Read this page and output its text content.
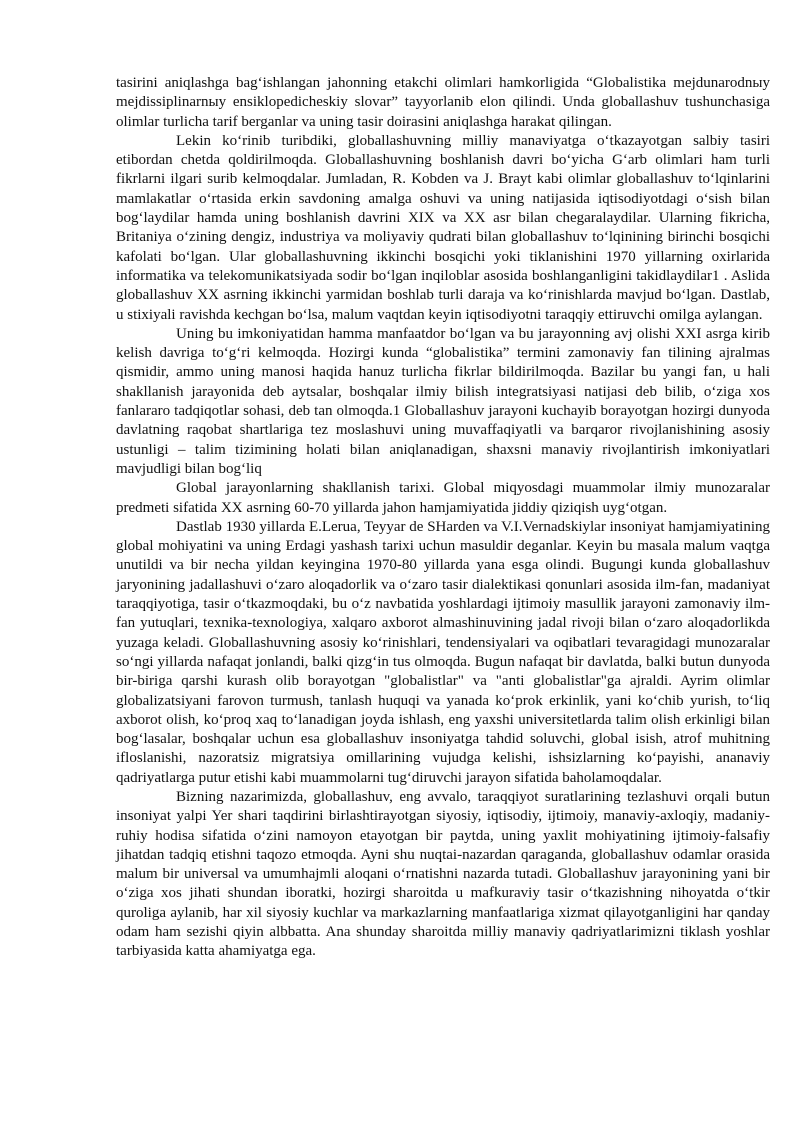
tasirini aniqlashga bagʻishlangan jahonning etakchi olimlari hamkorligida “Globalistika mejdunarodnыy mejdissiplinarnыy ensiklopedicheskiy slovar” tayyorlanib elon qilindi. Unda globallashuv tushunchasiga olimlar turlicha tarif berganlar va uning tasir doirasini aniqlashga harakat qilingan.

Lekin koʻrinib turibdiki, globallashuvning milliy manaviyatga oʻtkazayotgan salbiy tasiri etibordan chetda qoldirilmoqda. Globallashuvning boshlanish davri boʻyicha Gʻarb olimlari ham turli fikrlarni ilgari surib kelmoqdalar. Jumladan, R. Kobden va J. Brayt kabi olimlar globallashuv toʻlqinlarini mamlakatlar oʻrtasida erkin savdoning amalga oshuvi va uning natijasida iqtisodiyotdagi oʻsish bilan bogʻlaydilar hamda uning boshlanish davrini XIX va XX asr bilan chegaralaydilar. Ularning fikricha, Britaniya oʻzining dengiz, industriya va moliyaviy qudrati bilan globallashuv toʻlqinining birinchi bosqichi kafolati boʻlgan. Ular globallashuvning ikkinchi bosqichi yoki tiklanishini 1970 yillarning oxirlarida informatika va telekomunikatsiyada sodir boʻlgan inqiloblar asosida boshlanganligini takidlaydilar1 . Aslida globallashuv XX asrning ikkinchi yarmidan boshlab turli daraja va koʻrinishlarda mavjud boʻlgan. Dastlab, u stixiyali ravishda kechgan boʻlsa, malum vaqtdan keyin iqtisodiyotni taraqqiy ettiruvchi omilga aylangan.

Uning bu imkoniyatidan hamma manfaatdor boʻlgan va bu jarayonning avj olishi XXI asrga kirib kelish davriga toʻgʻri kelmoqda. Hozirgi kunda “globalistika” termini zamonaviy fan tilining ajralmas qismidir, ammo uning manosi haqida hanuz turlicha fikrlar bildirilmoqda. Bazilar bu yangi fan, u hali shakllanish jarayonida deb aytsalar, boshqalar ilmiy bilish integratsiyasi natijasi deb bilib, oʻziga xos fanlararo tadqiqotlar sohasi, deb tan olmoqda.1 Globallashuv jarayoni kuchayib borayotgan hozirgi dunyoda davlatning raqobat shartlariga tez moslashuvi uning muvaffaqiyatli va barqaror rivojlanishining asosiy ustunligi – talim tizimining holati bilan aniqlanadigan, shaxsni manaviy rivojlantirish imkoniyatlari mavjudligi bilan bogʻliq

Global jarayonlarning shakllanish tarixi. Global miqyosdagi muammolar ilmiy munozaralar predmeti sifatida XX asrning 60-70 yillarda jahon hamjamiyatida jiddiy qiziqish uygʻotgan.

Dastlab 1930 yillarda E.Lerua, Teyyar de SHarden va V.I.Vernadskiylar insoniyat hamjamiyatining global mohiyatini va uning Erdagi yashash tarixi uchun masuldir deganlar. Keyin bu masala malum vaqtga unutildi va bir necha yildan keyingina 1970-80 yillarda yana esga olindi. Bugungi kunda globallashuv jaryonining jadallashuvi oʻzaro aloqadorlik va oʻzaro tasir dialektikasi qonunlari asosida ilm-fan, madaniyat taraqqiyotiga, tasir oʻtkazmoqdaki, bu oʻz navbatida yoshlardagi ijtimoiy masullik jarayoni zamonaviy ilm-fan yutuqlari, texnika-texnologiya, xalqaro axborot almashinuvining jadal rivoji bilan oʻzaro aloqadorlikda yuzaga keladi. Globallashuvning asosiy koʻrinishlari, tendensiyalari va oqibatlari tevaragidagi munozaralar soʻngi yillarda nafaqat jonlandi, balki qizgʻin tus olmoqda. Bugun nafaqat bir davlatda, balki butun dunyoda bir-biriga qarshi kurash olib borayotgan "globalistlar" va "anti globalistlar"ga ajraldi. Ayrim olimlar globalizatsiyani farovon turmush, tanlash huquqi va yanada koʻprok erkinlik, yani koʻchib yurish, toʻliq axborot olish, koʻproq xaq toʻlanadigan joyda ishlash, eng yaxshi universitetlarda talim olish erkinligi bilan bogʻlasalar, boshqalar uchun esa globallashuv insoniyatga tahdid soluvchi, global isish, atrof muhitning ifloslanishi, nazoratsiz migratsiya omillarining vujudga kelishi, ishsizlarning koʻpayishi, ananaviy qadriyatlarga putur etishi kabi muammolarni tugʻdiruvchi jarayon sifatida baholamoqdalar.

Bizning nazarimizda, globallashuv, eng avvalo, taraqqiyot suratlarining tezlashuvi orqali butun insoniyat yalpi Yer shari taqdirini birlashtirayotgan siyosiy, iqtisodiy, ijtimoiy, manaviy-axloqiy, madaniy-ruhiy hodisa sifatida oʻzini namoyon etayotgan bir paytda, uning yaxlit mohiyatining ijtimoiy-falsafiy jihatdan tadqiq etishni taqozo etmoqda. Ayni shu nuqtai-nazardan qaraganda, globallashuv odamlar orasida malum bir universal va umumhajmli aloqani oʻrnatishni nazarda tutadi. Globallashuv jarayonining yani bir oʻziga xos jihati shundan iboratki, hozirgi sharoitda u mafkuraviy tasir oʻtkazishning nihoyatda oʻtkir quroliga aylanib, har xil siyosiy kuchlar va markazlarning manfaatlariga xizmat qilayotganligini har qanday odam ham sezishi qiyin albbatta. Ana shunday sharoitda milliy manaviy qadriyatlarimizni tiklash yoshlar tarbiyasida katta ahamiyatga ega.
